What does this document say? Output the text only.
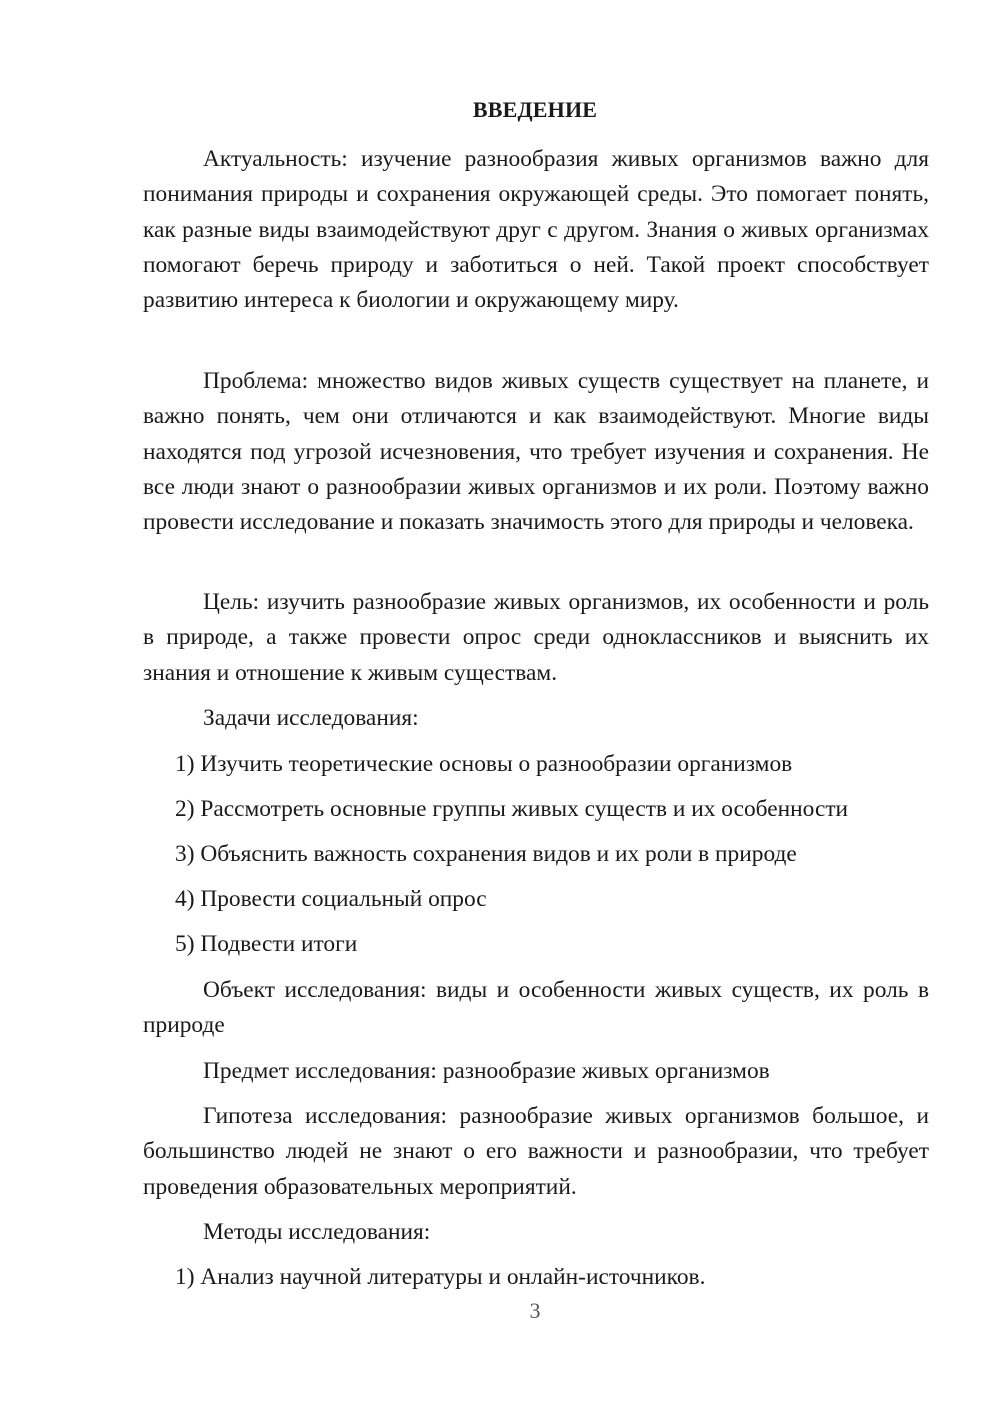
ВВЕДЕНИЕ

Актуальность: изучение разнообразия живых организмов важно для понимания природы и сохранения окружающей среды. Это помогает понять, как разные виды взаимодействуют друг с другом. Знания о живых организмах помогают беречь природу и заботиться о ней. Такой проект способствует развитию интереса к биологии и окружающему миру.

Проблема: множество видов живых существ существует на планете, и важно понять, чем они отличаются и как взаимодействуют. Многие виды находятся под угрозой исчезновения, что требует изучения и сохранения. Не все люди знают о разнообразии живых организмов и их роли. Поэтому важно провести исследование и показать значимость этого для природы и человека.

Цель: изучить разнообразие живых организмов, их особенности и роль в природе, а также провести опрос среди одноклассников и выяснить их знания и отношение к живым существам.

Задачи исследования:

1) Изучить теоретические основы о разнообразии организмов

2) Рассмотреть основные группы живых существ и их особенности

3) Объяснить важность сохранения видов и их роли в природе

4) Провести социальный опрос

5) Подвести итоги

Объект исследования: виды и особенности живых существ, их роль в природе

Предмет исследования: разнообразие живых организмов

Гипотеза исследования: разнообразие живых организмов большое, и большинство людей не знают о его важности и разнообразии, что требует проведения образовательных мероприятий.

Методы исследования:

1) Анализ научной литературы и онлайн-источников.

3
